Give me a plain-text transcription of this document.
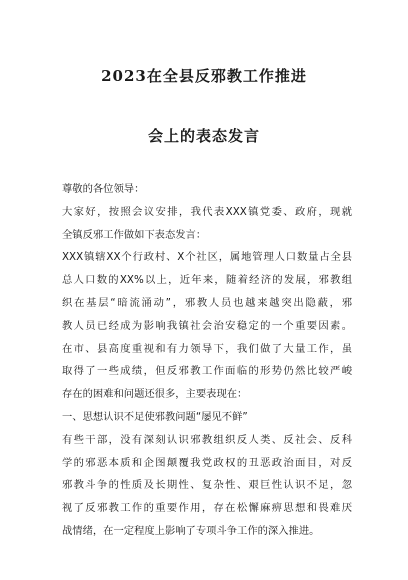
2023在全县反邪教工作推进
会上的表态发言
尊敬的各位领导：
大家好，按照会议安排，我代表XXX镇党委、政府，现就
全镇反邪工作做如下表态发言：
XXX镇辖XX个行政村、X个社区，属地管理人口数量占全县
总人口数的XX%以上，近年来，随着经济的发展，邪教组
织在基层“暗流涌动”，邪教人员也越来越突出隐蔽，邪
教人员已经成为影响我镇社会治安稳定的一个重要因素。
在市、县高度重视和有力领导下，我们做了大量工作，虽
取得了一些成绩，但反邪教工作面临的形势仍然比较严峻
存在的困难和问题还很多，主要表现在：
一、思想认识不足使邪教问题“屡见不鲜”
有些干部，没有深刻认识邪教组织反人类、反社会、反科
学的邪恶本质和企图颠覆我党政权的丑恶政治面目，对反
邪教斗争的性质及长期性、复杂性、艰巨性认识不足，忽
视了反邪教工作的重要作用，存在松懈麻痹思想和畏难厌
战情绪，在一定程度上影响了专项斗争工作的深入推进。
